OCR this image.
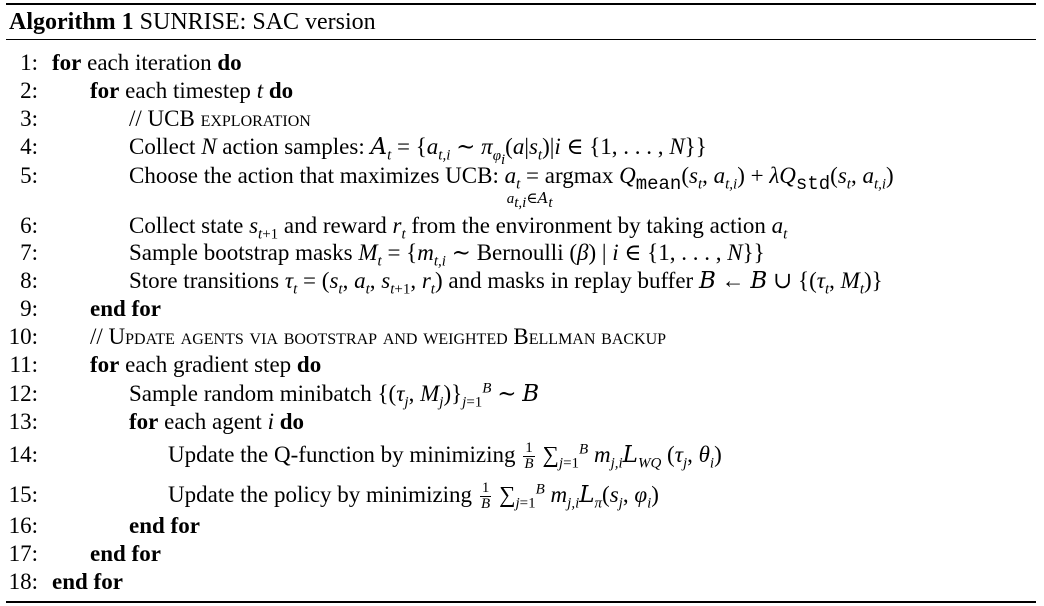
Algorithm 1 SUNRISE: SAC version
1: for each iteration do
2: for each timestep t do
3:	// UCB exploration
4:	Collect N action samples: $A_t = \{a_{t,i}$ ∼ $\pi_{\varphi_i}(a|s_t)|i$ ∈ {1, . . . , N}}
5:	Choose the action that maximizes UCB: $a_t = argmax$
$a_{t,i}\in A_t$
$Q_{mean}(s_t$, $a_{t,i}) + \lambda Q_{std}(s_t$, $a_{t,i}$)
6:	Collect state $s_{t+1}$ and reward $r_t$ from the environment by taking action $a_t$
7:	Sample bootstrap masks $M_t = \{m_{t,i}$ ∼ Bernoulli (β) | i ∈ {1, . . . , N}}
8:	Store transitions $\tau_t = (s_t$, $a_t$, $s_{t+1}$, $r_t$) and masks in replay buffer B ← B ∪ {($\tau_t$, $M_t$)}
9: end for
10: // Update agents via bootstrap and weighted Bellman backup
11: for each gradient step do
12:	Sample random minibatch {($\tau_j$, $M_j)\}_{j=1}^B$ ∼ B
13:	for each agent i do
14:	Update the Q-function by minimizing $\frac{1}{B} \sum_{j=1}^B$ $m_{j,i}L_{WQ}$ ($\tau_j$, $\theta_i$)
15:	Update the policy by minimizing $\frac{1}{B} \sum_{j=1}^B$ $m_{j,i}L_\pi(s_j$, $\varphi_i$)
16:	end for
17: end for
18: end for
